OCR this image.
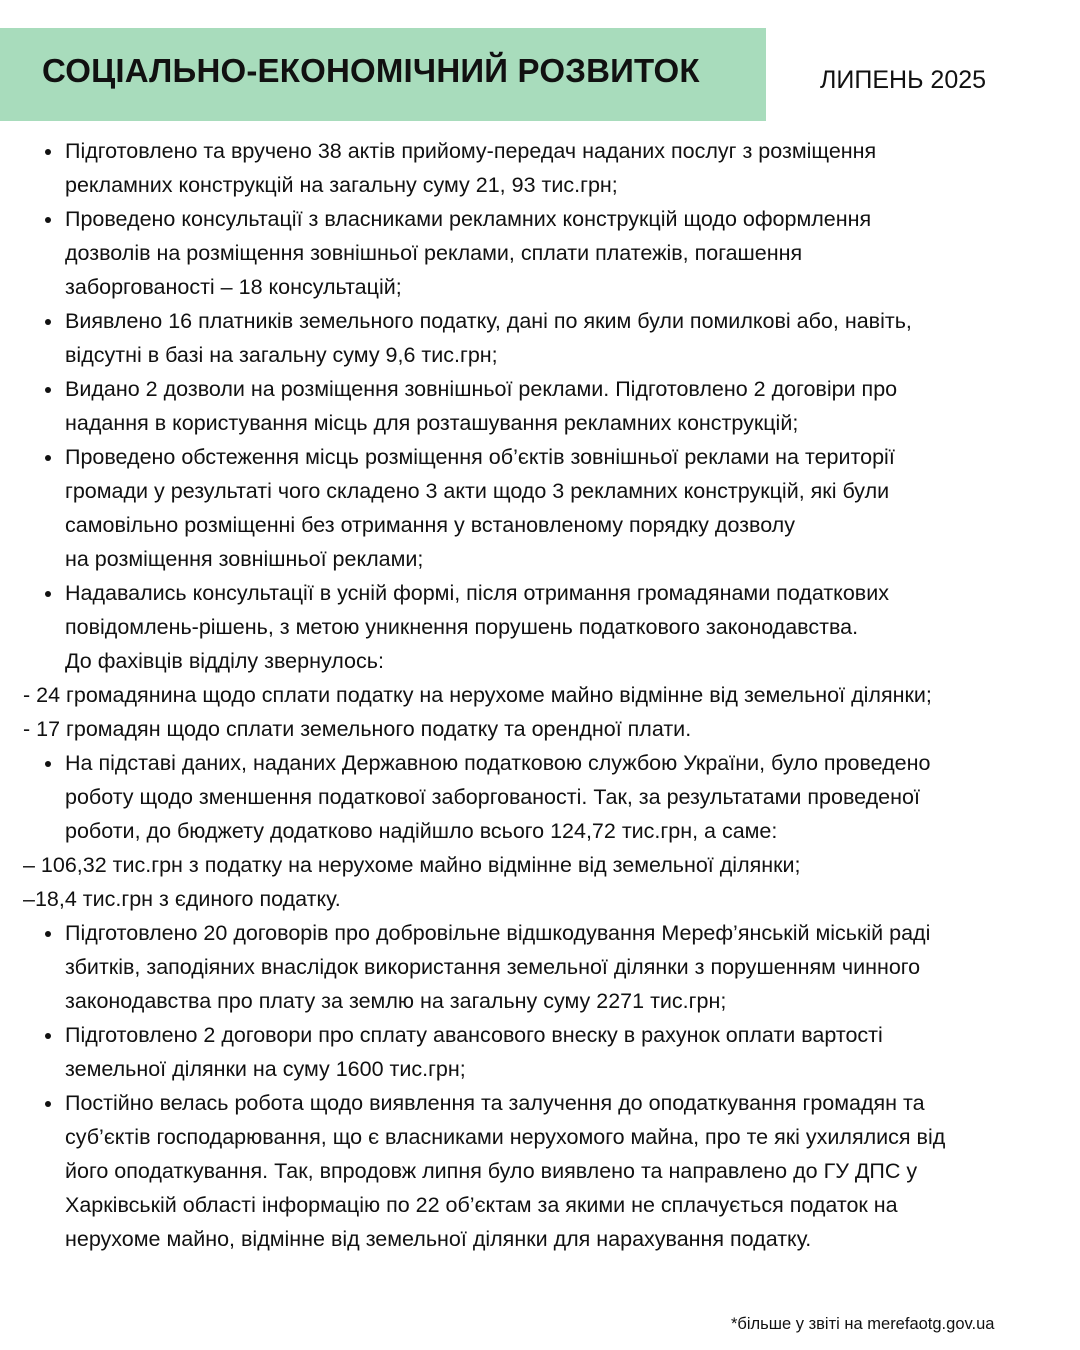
СОЦІАЛЬНО-ЕКОНОМІЧНИЙ РОЗВИТОК	ЛИПЕНЬ 2025
Підготовлено та вручено 38 актів прийому-передач наданих послуг з розміщення
рекламних конструкцій на загальну суму 21, 93 тис.грн;
Проведено консультації з власниками рекламних конструкцій щодо оформлення
дозволів на розміщення зовнішньої реклами, сплати платежів, погашення
заборгованості – 18 консультацій;
Виявлено 16 платників земельного податку, дані по яким були помилкові або, навіть,
відсутні в базі на загальну суму 9,6 тис.грн;
Видано 2 дозволи на розміщення зовнішньої реклами. Підготовлено 2 договіри про
надання в користування місць для розташування рекламних конструкцій;
Проведено обстеження місць розміщення об’єктів зовнішньої реклами на території
громади у результаті чого складено 3 акти щодо 3 рекламних конструкцій, які були
самовільно розміщенні без отримання у встановленому порядку дозволу
на розміщення зовнішньої реклами;
Надавались консультації в усній формі, після отримання громадянами податкових
повідомлень-рішень, з метою уникнення порушень податкового законодавства.
До фахівців відділу звернулось:
- 24 громадянина щодо сплати податку на нерухоме майно відмінне від земельної ділянки;
- 17 громадян щодо сплати земельного податку та орендної плати.
На підставі даних, наданих Державною податковою службою України, було проведено
роботу щодо зменшення податкової заборгованості. Так, за результатами проведеної
роботи, до бюджету додатково надійшло всього 124,72 тис.грн, а саме:
– 106,32 тис.грн з податку на нерухоме майно відмінне від земельної ділянки;
–18,4 тис.грн з єдиного податку.
Підготовлено 20 договорів про добровільне відшкодування Мереф’янській міській раді
збитків, заподіяних внаслідок використання земельної ділянки з порушенням чинного
законодавства про плату за землю на загальну суму 2271 тис.грн;
Підготовлено 2 договори про сплату авансового внеску в рахунок оплати вартості
земельної ділянки на суму 1600 тис.грн;
Постійно велась робота щодо виявлення та залучення до оподаткування громадян та
суб’єктів господарювання, що є власниками нерухомого майна, про те які ухилялися від
його оподаткування. Так, впродовж липня було виявлено та направлено до ГУ ДПС у
Харківській області інформацію по 22 об’єктам за якими не сплачується податок на
нерухоме майно, відмінне від земельної ділянки для нарахування податку.
*більше у звіті на merefaotg.gov.ua
